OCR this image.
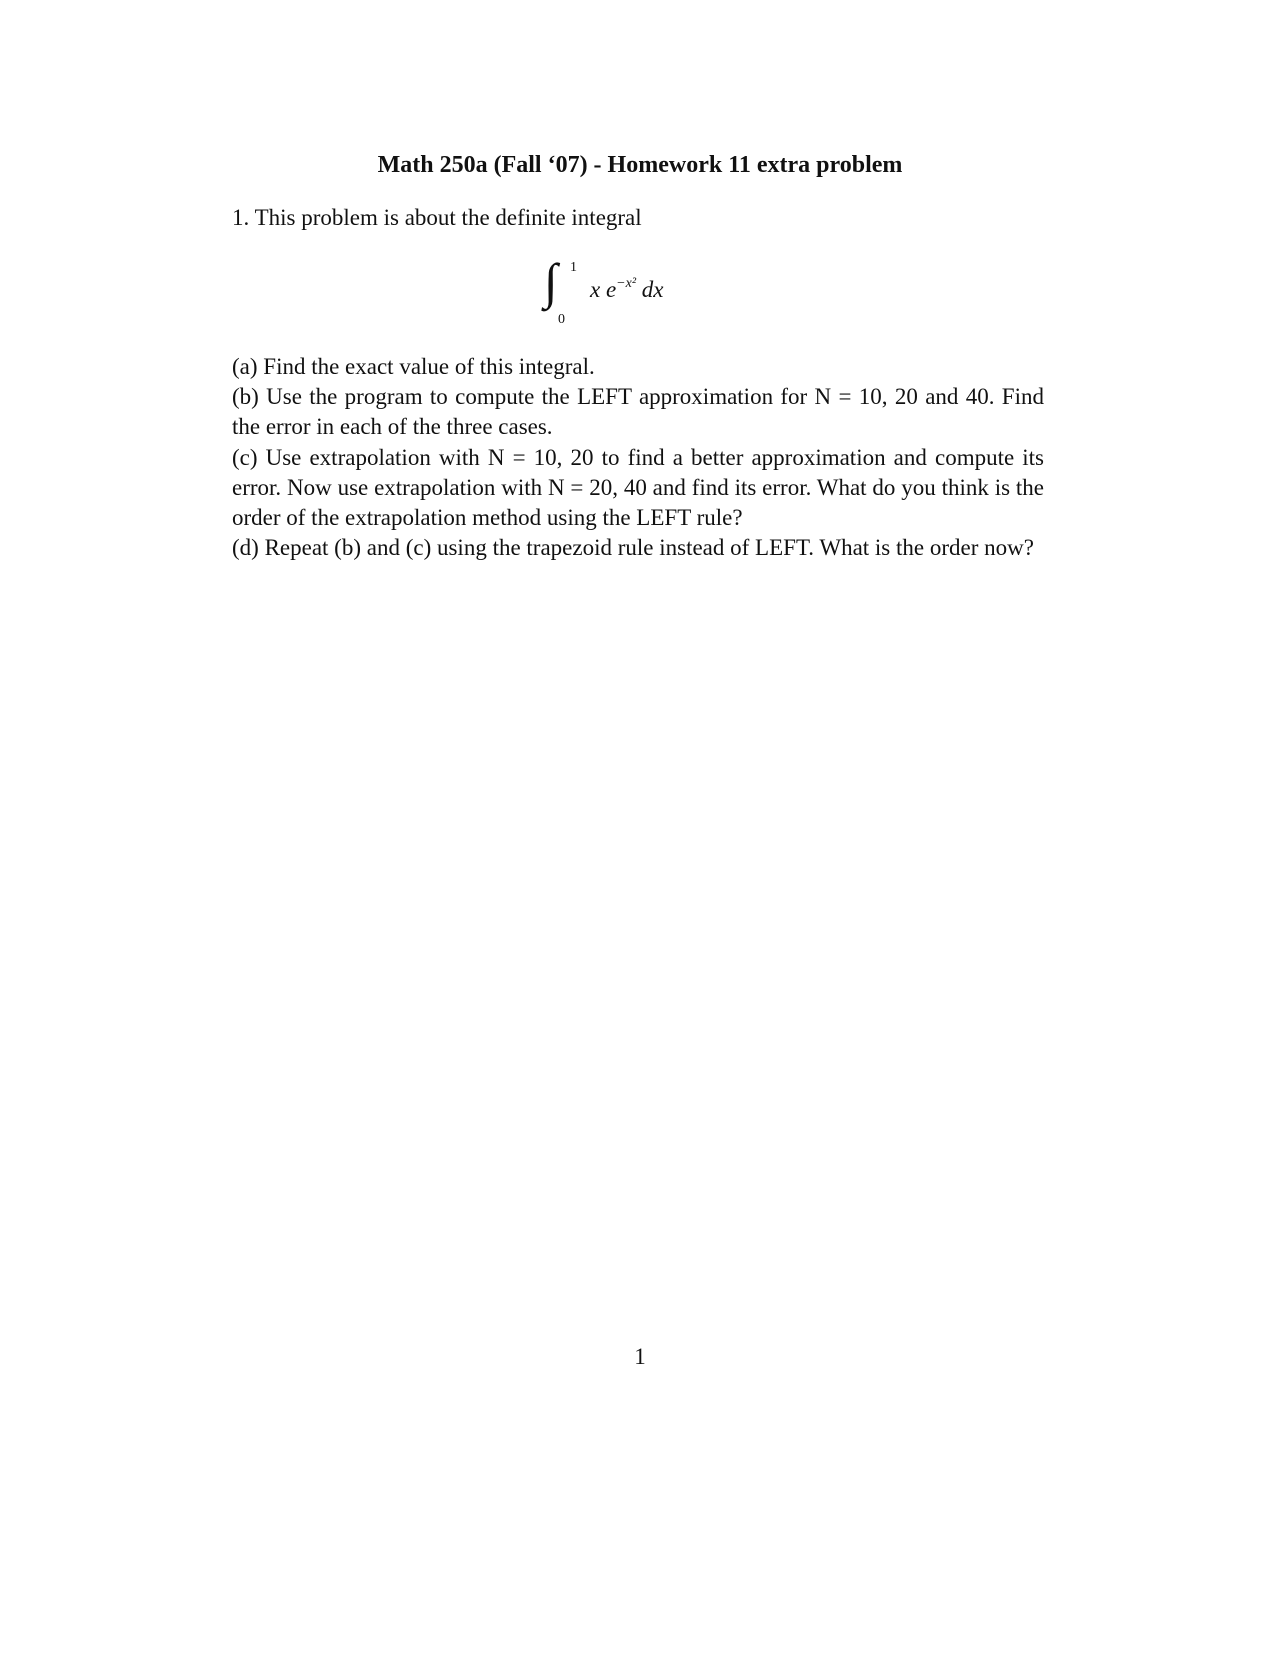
Math 250a (Fall ‘07) - Homework 11 extra problem
1. This problem is about the definite integral
∫ 1
0
x $e^{-x^2}$ dx

(a) Find the exact value of this integral.

(b) Use the program to compute the LEFT approximation for N = 10, 20 and 40. Find the error in each of the three cases.

(c) Use extrapolation with N = 10, 20 to find a better approximation and compute its error. Now use extrapolation with N = 20, 40 and find its error. What do you think is the order of the extrapolation method using the LEFT rule?

(d) Repeat (b) and (c) using the trapezoid rule instead of LEFT. What is the order now?

1
